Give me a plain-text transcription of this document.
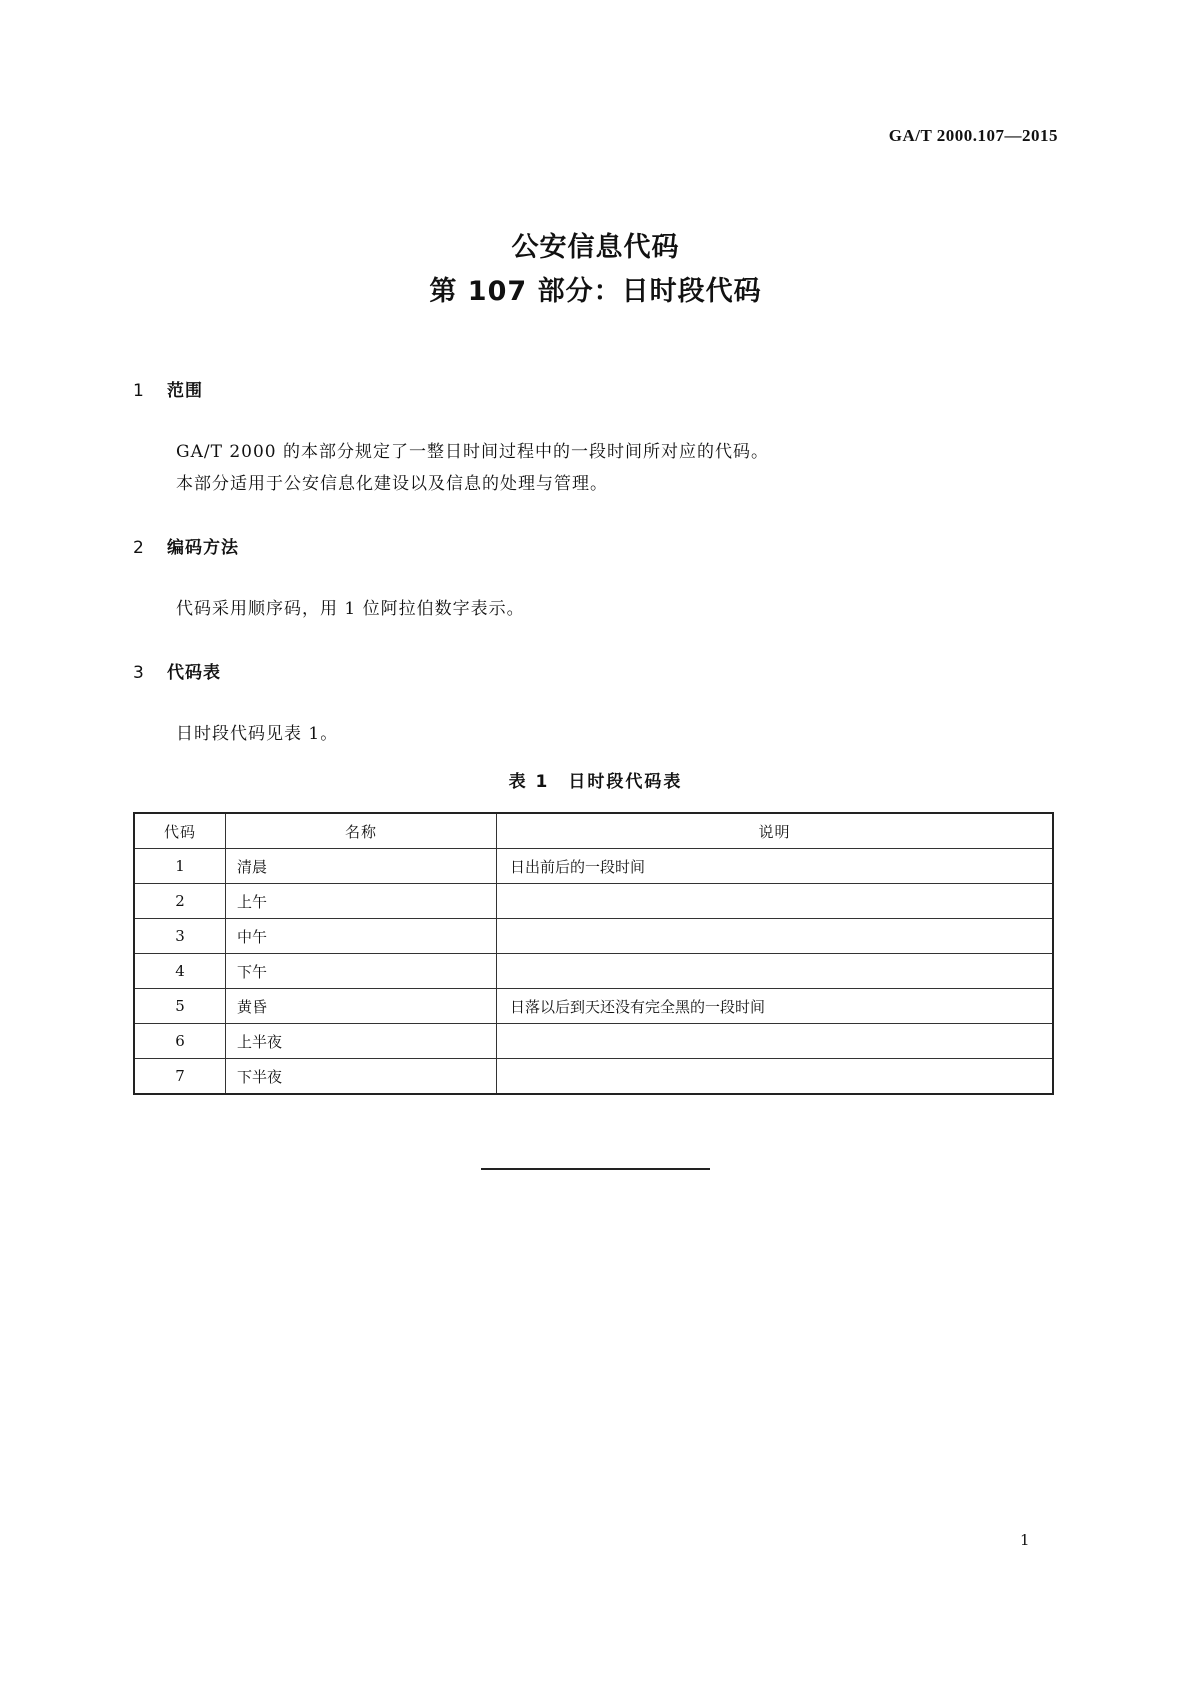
GA/T 2000.107—2015
公安信息代码
第 107 部分：日时段代码
1 范围
GA/T 2000 的本部分规定了一整日时间过程中的一段时间所对应的代码。
本部分适用于公安信息化建设以及信息的处理与管理。
2 编码方法
代码采用顺序码，用 1 位阿拉伯数字表示。
3 代码表
日时段代码见表 1。
表 1　日时段代码表
代码	名称	说明
1	清晨	日出前后的一段时间
2	上午	
3	中午	
4	下午	
5	黄昏	日落以后到天还没有完全黑的一段时间
6	上半夜	
7	下半夜	
1
